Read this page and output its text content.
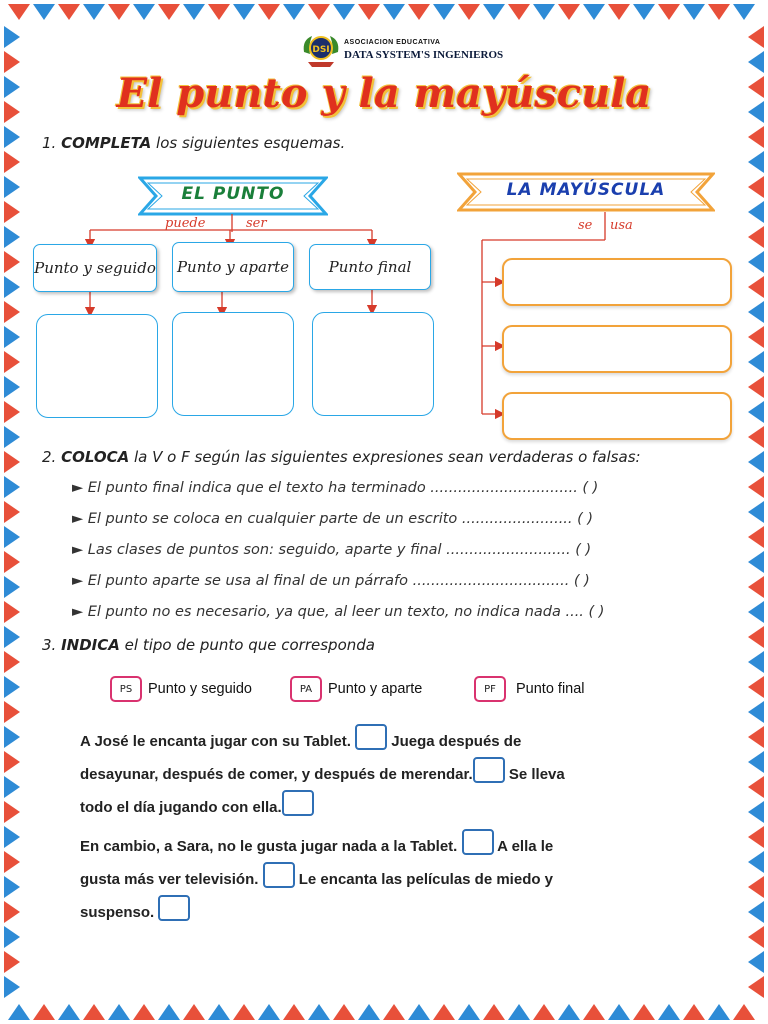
DSI
ASOCIACION EDUCATIVA
DATA SYSTEM'S INGENIEROS
El punto y la mayúscula
1. COMPLETA los siguientes esquemas.
EL PUNTO
puede	ser
Punto y seguido	Punto y aparte	Punto final
LA MAYÚSCULA
se usa
2. COLOCA la V o F según las siguientes expresiones sean verdaderas o falsas:
► El punto final indica que el texto ha terminado ................................ ( )
► El punto se coloca en cualquier parte de un escrito ........................ ( )
► Las clases de puntos son: seguido, aparte y final ........................... ( )
► El punto aparte se usa al final de un párrafo .................................. ( )
► El punto no es necesario, ya que, al leer un texto, no indica nada .... ( )
3. INDICA el tipo de punto que corresponda
PS	Punto y seguido	PA	Punto y aparte	PF	Punto final
A José le encanta jugar con su Tablet.  Juega después de
desayunar, después de comer, y después de merendar. Se lleva
todo el día jugando con ella.
En cambio, a Sara, no le gusta jugar nada a la Tablet.  A ella le
gusta más ver televisión.  Le encanta las películas de miedo y
suspenso.
